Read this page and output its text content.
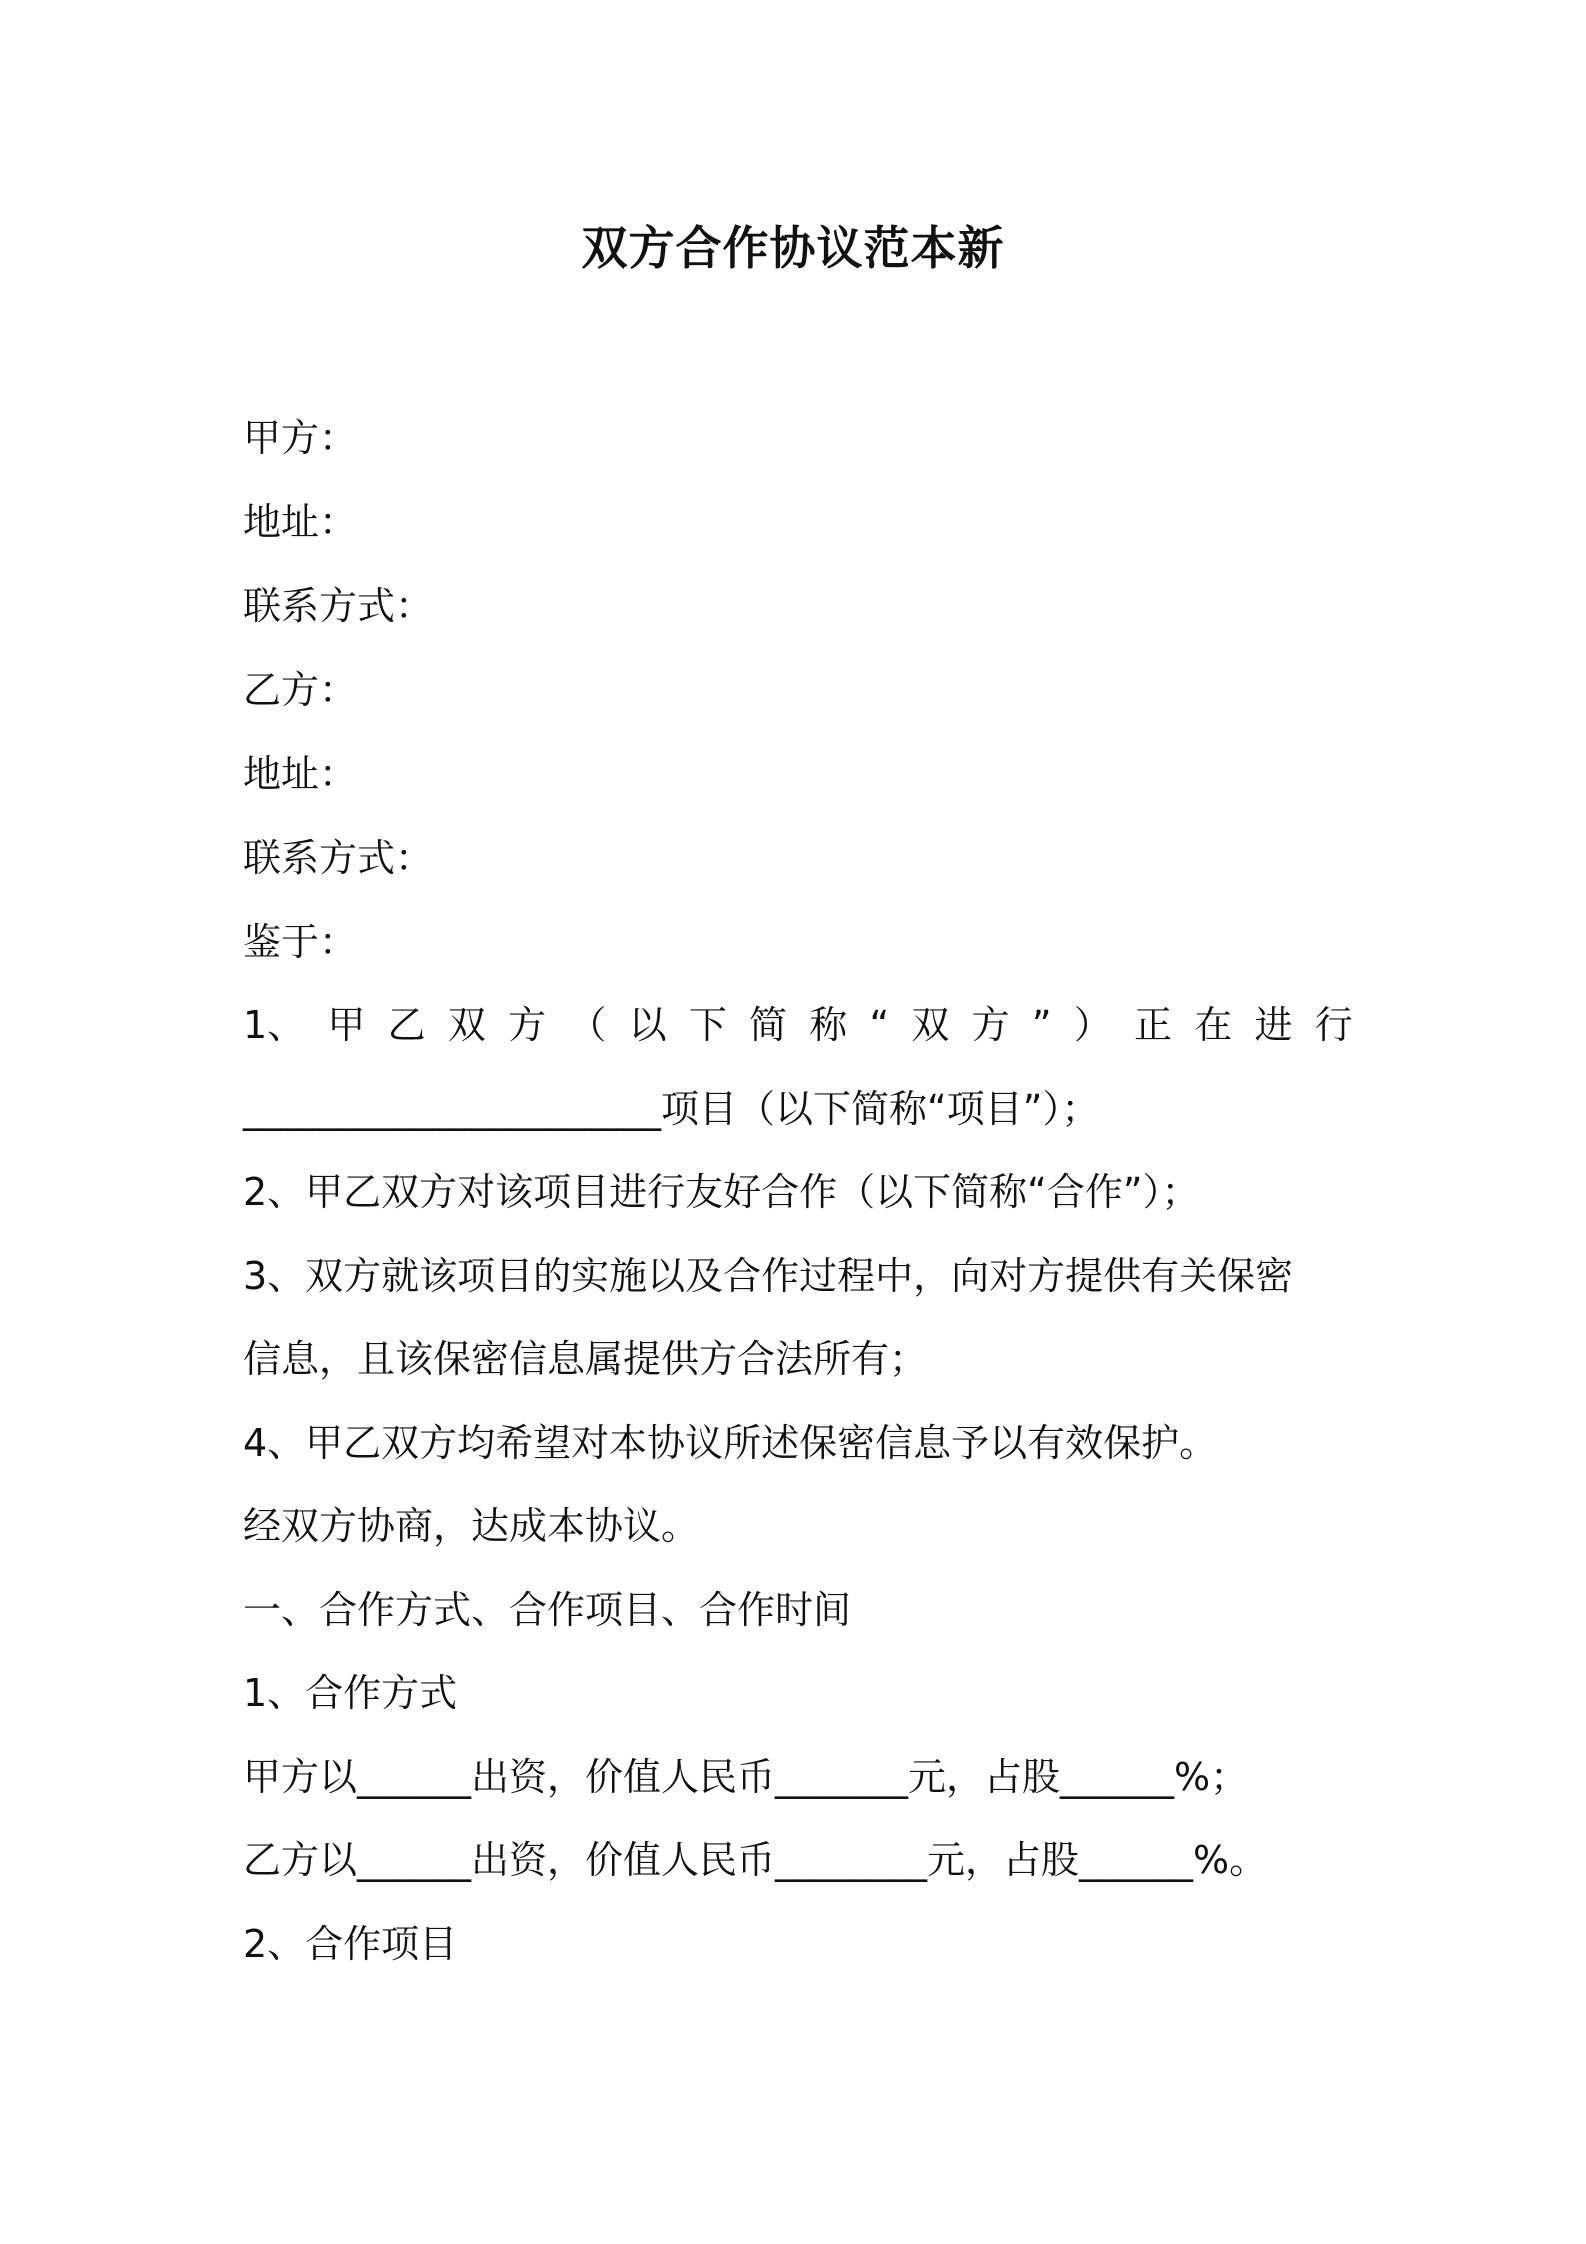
双方合作协议范本新

甲方：

地址：

联系方式：

乙方：

地址：

联系方式：

鉴于：

1、 甲 乙 双 方 （ 以 下 简 称 “ 双 方 ” ） 正 在 进 行

______________________项目（以下简称“项目”）；

2、甲乙双方对该项目进行友好合作（以下简称“合作”）；

3、双方就该项目的实施以及合作过程中，向对方提供有关保密

信息，且该保密信息属提供方合法所有；

4、甲乙双方均希望对本协议所述保密信息予以有效保护。

经双方协商，达成本协议。

一、合作方式、合作项目、合作时间

1、合作方式

甲方以______出资，价值人民币_______元，占股______%；

乙方以______出资，价值人民币________元，占股______%。

2、合作项目
